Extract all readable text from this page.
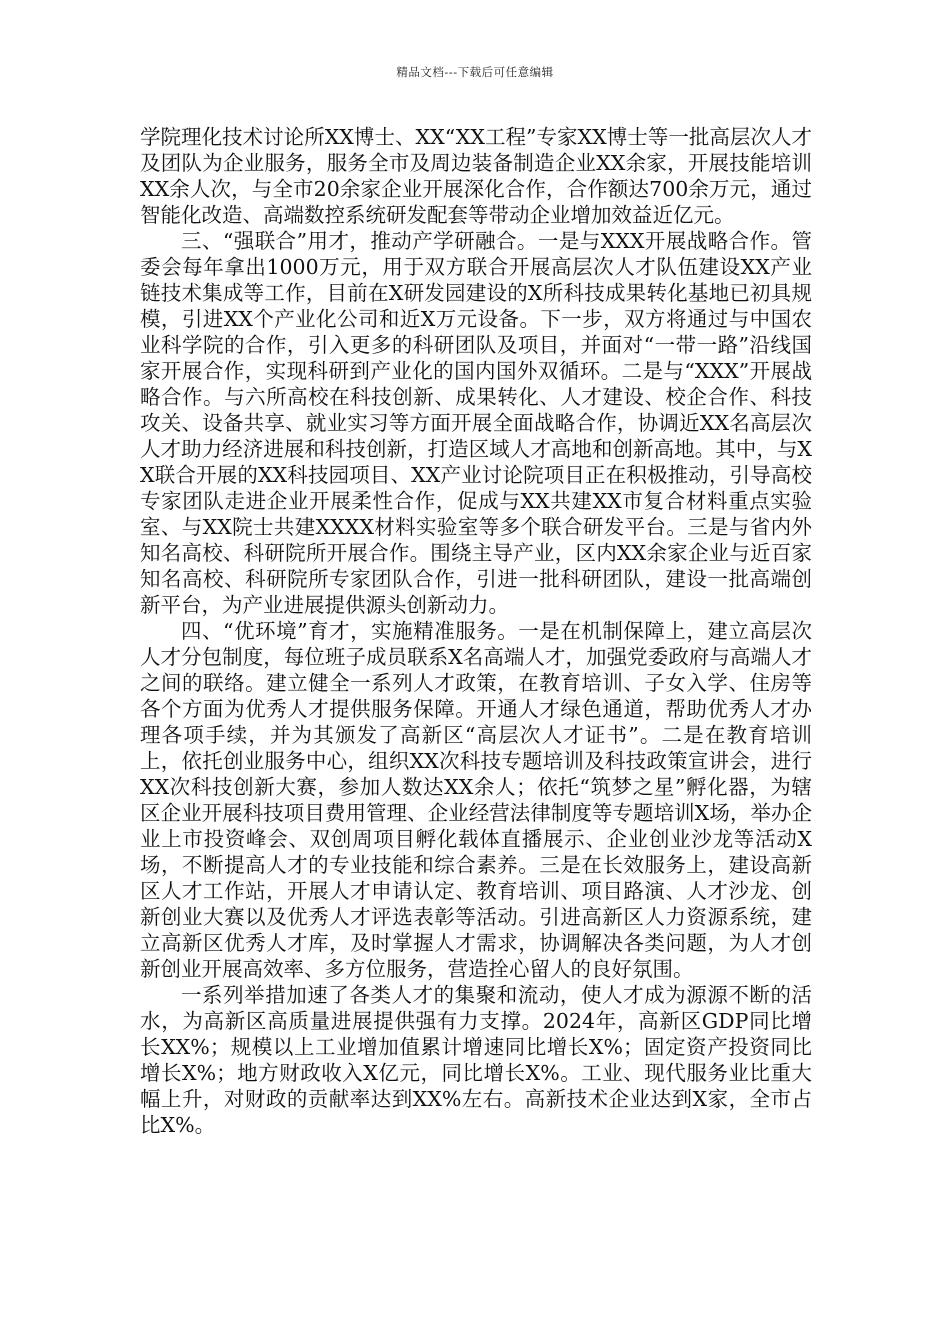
精品文档---下载后可任意编辑

学院理化技术讨论所XX博士、XX“XX工程”专家XX博士等一批高层次人才及团队为企业服务，服务全市及周边装备制造企业XX余家，开展技能培训XX余人次，与全市20余家企业开展深化合作，合作额达700余万元，通过智能化改造、高端数控系统研发配套等带动企业增加效益近亿元。

三、“强联合”用才，推动产学研融合。一是与XXX开展战略合作。管委会每年拿出1000万元，用于双方联合开展高层次人才队伍建设XX产业链技术集成等工作，目前在X研发园建设的X所科技成果转化基地已初具规模，引进XX个产业化公司和近X万元设备。下一步，双方将通过与中国农业科学院的合作，引入更多的科研团队及项目，并面对“一带一路”沿线国家开展合作，实现科研到产业化的国内国外双循环。二是与“XXX”开展战略合作。与六所高校在科技创新、成果转化、人才建设、校企合作、科技攻关、设备共享、就业实习等方面开展全面战略合作，协调近XX名高层次人才助力经济进展和科技创新，打造区域人才高地和创新高地。其中，与XX联合开展的XX科技园项目、XX产业讨论院项目正在积极推动，引导高校专家团队走进企业开展柔性合作，促成与XX共建XX市复合材料重点实验室、与XX院士共建XXXX材料实验室等多个联合研发平台。三是与省内外知名高校、科研院所开展合作。围绕主导产业，区内XX余家企业与近百家知名高校、科研院所专家团队合作，引进一批科研团队，建设一批高端创新平台，为产业进展提供源头创新动力。

四、“优环境”育才，实施精准服务。一是在机制保障上，建立高层次人才分包制度，每位班子成员联系X名高端人才，加强党委政府与高端人才之间的联络。建立健全一系列人才政策，在教育培训、子女入学、住房等各个方面为优秀人才提供服务保障。开通人才绿色通道，帮助优秀人才办理各项手续，并为其颁发了高新区“高层次人才证书”。二是在教育培训上，依托创业服务中心，组织XX次科技专题培训及科技政策宣讲会，进行XX次科技创新大赛，参加人数达XX余人；依托“筑梦之星”孵化器，为辖区企业开展科技项目费用管理、企业经营法律制度等专题培训X场，举办企业上市投资峰会、双创周项目孵化载体直播展示、企业创业沙龙等活动X场，不断提高人才的专业技能和综合素养。三是在长效服务上，建设高新区人才工作站，开展人才申请认定、教育培训、项目路演、人才沙龙、创新创业大赛以及优秀人才评选表彰等活动。引进高新区人力资源系统，建立高新区优秀人才库，及时掌握人才需求，协调解决各类问题，为人才创新创业开展高效率、多方位服务，营造拴心留人的良好氛围。

一系列举措加速了各类人才的集聚和流动，使人才成为源源不断的活水，为高新区高质量进展提供强有力支撑。2024年，高新区GDP同比增长XX%；规模以上工业增加值累计增速同比增长X%；固定资产投资同比增长X%；地方财政收入X亿元，同比增长X%。工业、现代服务业比重大幅上升，对财政的贡献率达到XX%左右。高新技术企业达到X家，全市占比X%。
